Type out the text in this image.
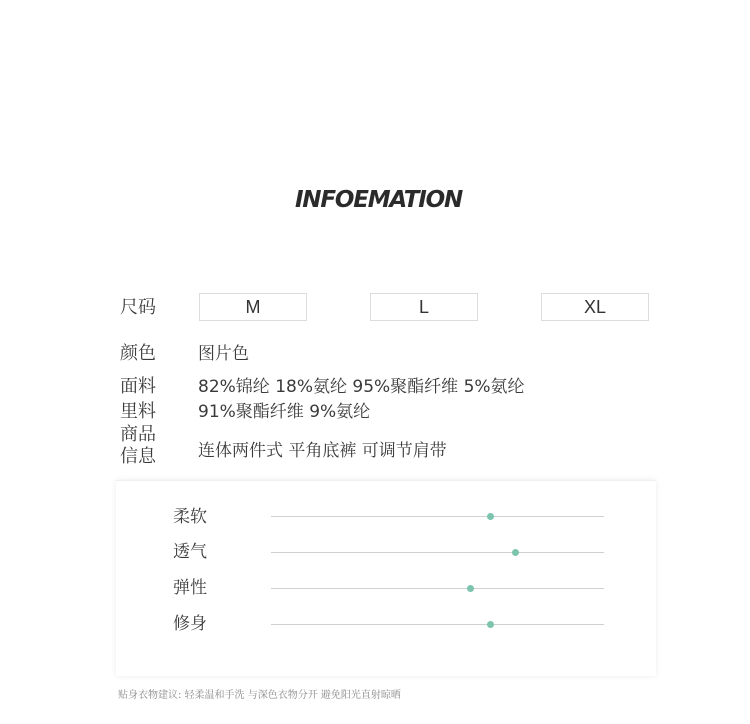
INFOEMATION
尺码	M	L	XL
颜色 图片色
面料 82%锦纶 18%氨纶 95%聚酯纤维 5%氨纶
里料 91%聚酯纤维 9%氨纶
商品
信息 连体两件式 平角底裤 可调节肩带
柔软
透气
弹性
修身
贴身衣物建议: 轻柔温和手洗 与深色衣物分开 避免阳光直射晾晒
